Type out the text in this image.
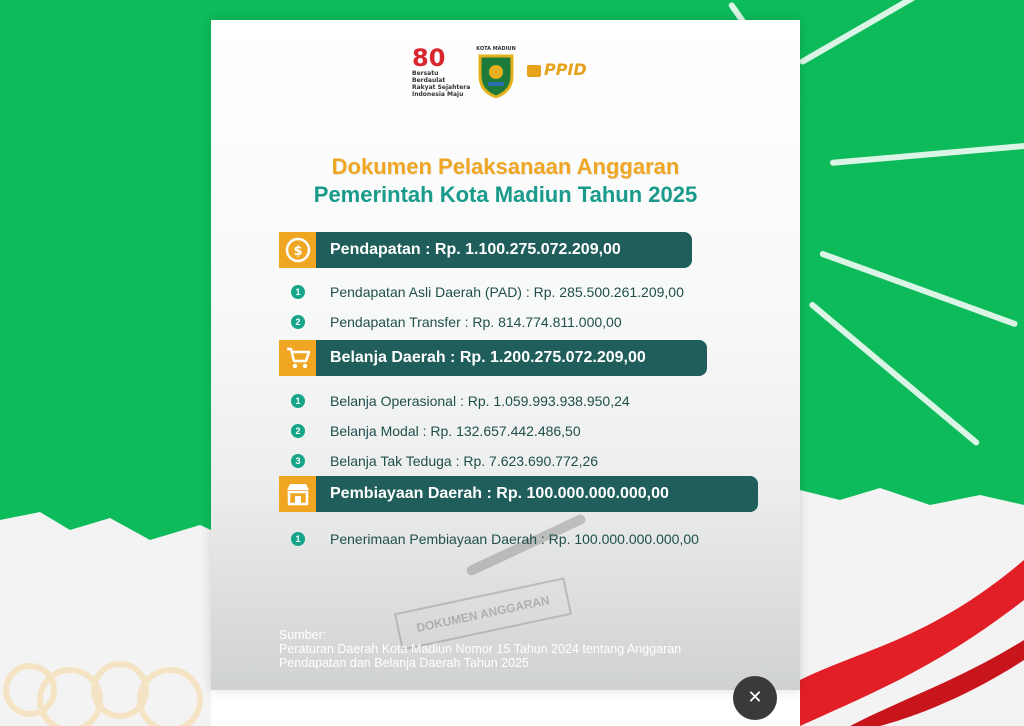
80
Bersatu Berdaulat
Rakyat Sejahtera
Indonesia Maju
KOTA MADIUN
PPID
Dokumen Pelaksanaan Anggaran
Pemerintah Kota Madiun Tahun 2025
DOKUMEN ANGGARAN
$	Pendapatan : Rp. 1.100.275.072.209,00
1	Pendapatan Asli Daerah (PAD) : Rp. 285.500.261.209,00
2	Pendapatan Transfer : Rp. 814.774.811.000,00
Belanja Daerah : Rp. 1.200.275.072.209,00
1	Belanja Operasional : Rp. 1.059.993.938.950,24
2	Belanja Modal : Rp. 132.657.442.486,50
3	Belanja Tak Teduga : Rp. 7.623.690.772,26
Pembiayaan Daerah : Rp. 100.000.000.000,00
1	Penerimaan Pembiayaan Daerah : Rp. 100.000.000.000,00
Sumber:
Peraturan Daerah Kota Madiun Nomor 15 Tahun 2024 tentang Anggaran Pendapatan dan Belanja Daerah Tahun 2025
✕
